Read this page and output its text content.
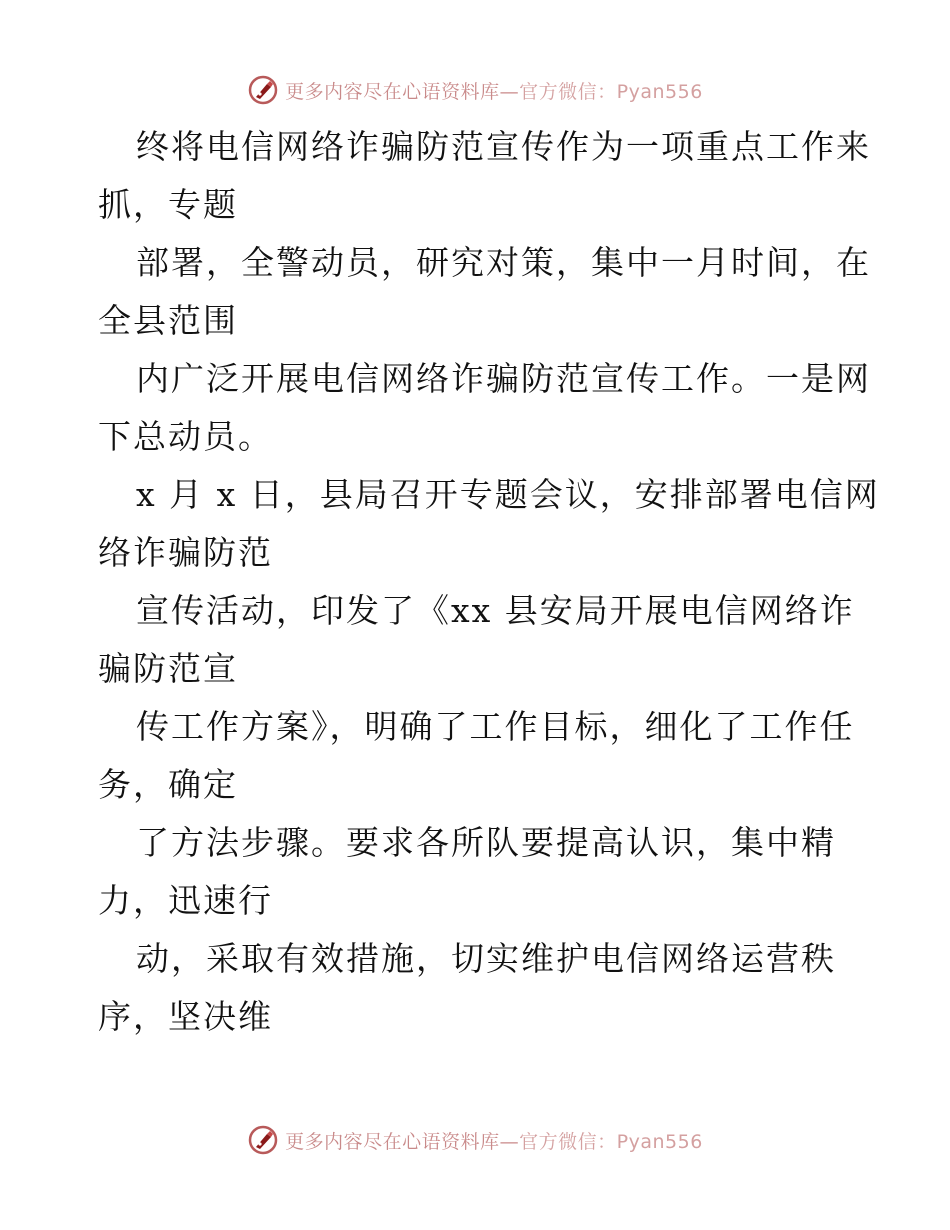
更多内容尽在心语资料库—官方微信：Pyan556

终将电信网络诈骗防范宣传作为一项重点工作来
抓，专题

部署，全警动员，研究对策，集中一月时间，在
全县范围

内广泛开展电信网络诈骗防范宣传工作。一是网
下总动员。

x 月 x 日，县局召开专题会议，安排部署电信网
络诈骗防范

宣传活动，印发了《xx 县安局开展电信网络诈
骗防范宣

传工作方案》，明确了工作目标，细化了工作任
务，确定

了方法步骤。要求各所队要提高认识，集中精
力，迅速行

动，采取有效措施，切实维护电信网络运营秩
序，坚决维

更多内容尽在心语资料库—官方微信：Pyan556
